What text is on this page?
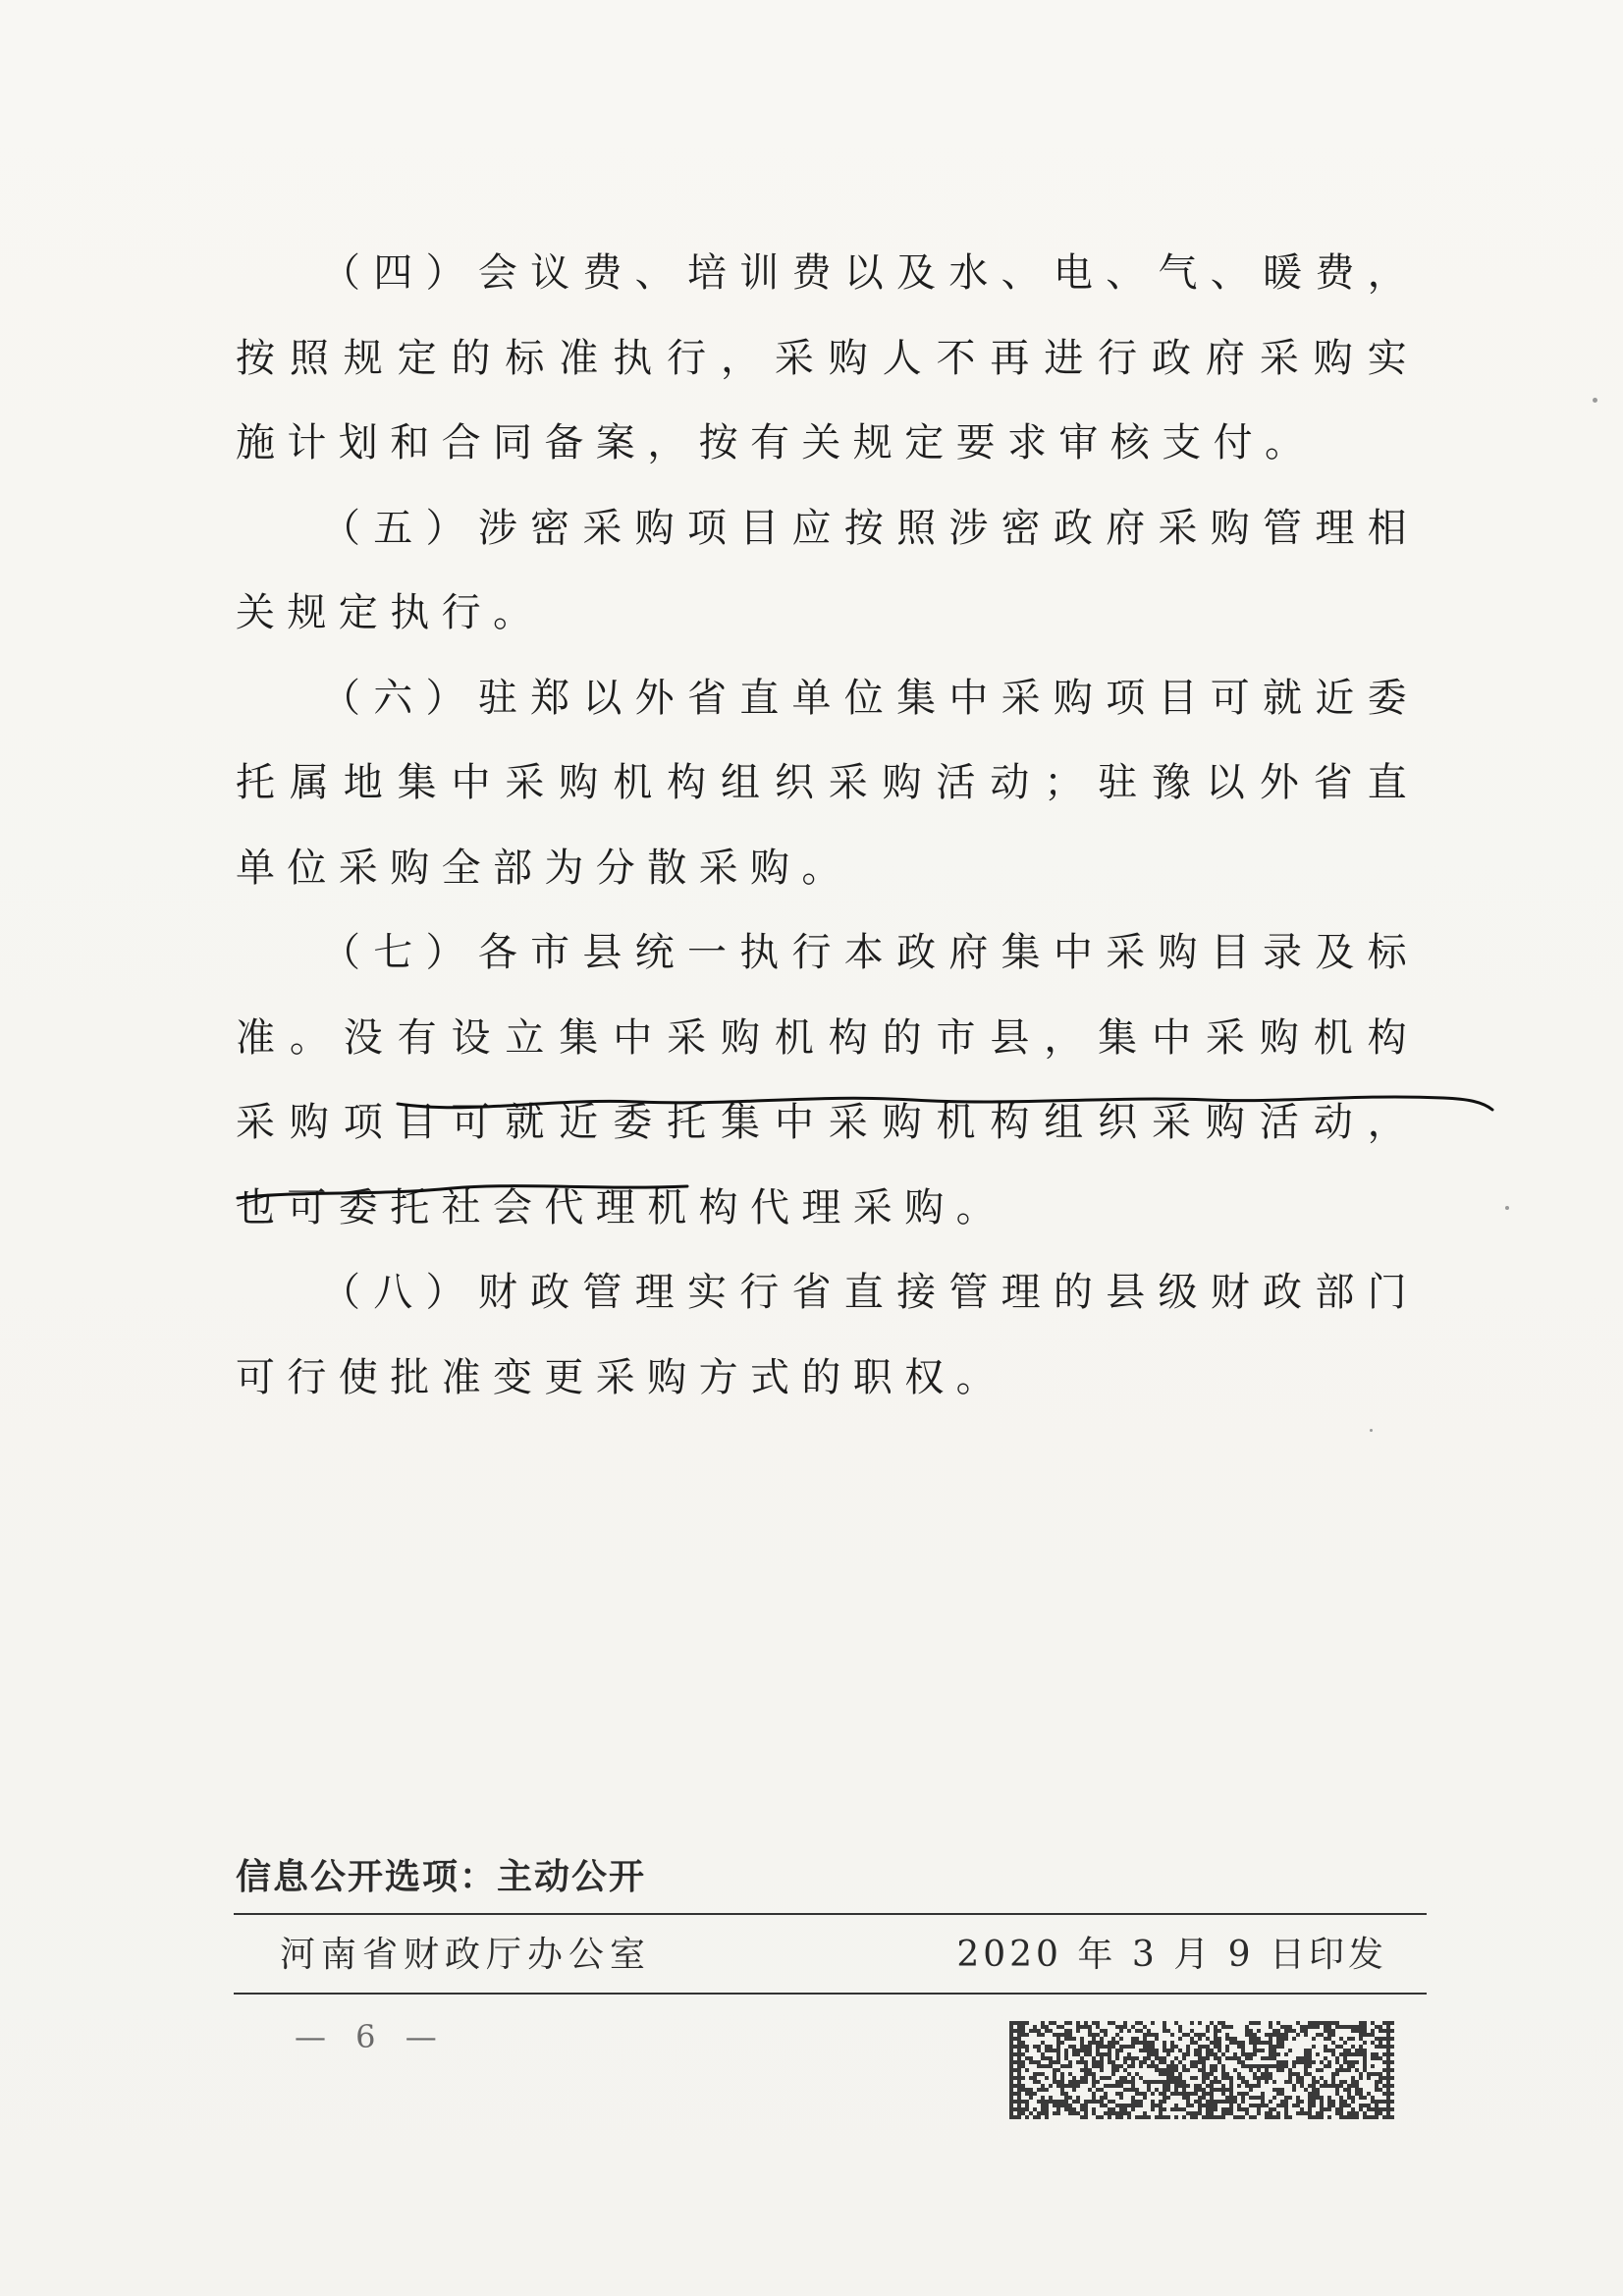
（四）会议费、培训费以及水、电、气、暖费，按照规定的标准执行，采购人不再进行政府采购实施计划和合同备案，按有关规定要求审核支付。

（五）涉密采购项目应按照涉密政府采购管理相关规定执行。

（六）驻郑以外省直单位集中采购项目可就近委托属地集中采购机构组织采购活动；驻豫以外省直单位采购全部为分散采购。

（七）各市县统一执行本政府集中采购目录及标准。没有设立集中采购机构的市县，集中采购机构采购项目可就近委托集中采购机构组织采购活动，也可委托社会代理机构代理采购。

（八）财政管理实行省直接管理的县级财政部门可行使批准变更采购方式的职权。

信息公开选项：主动公开
河南省财政厅办公室	2020 年 3 月 9 日印发
— 6 —
